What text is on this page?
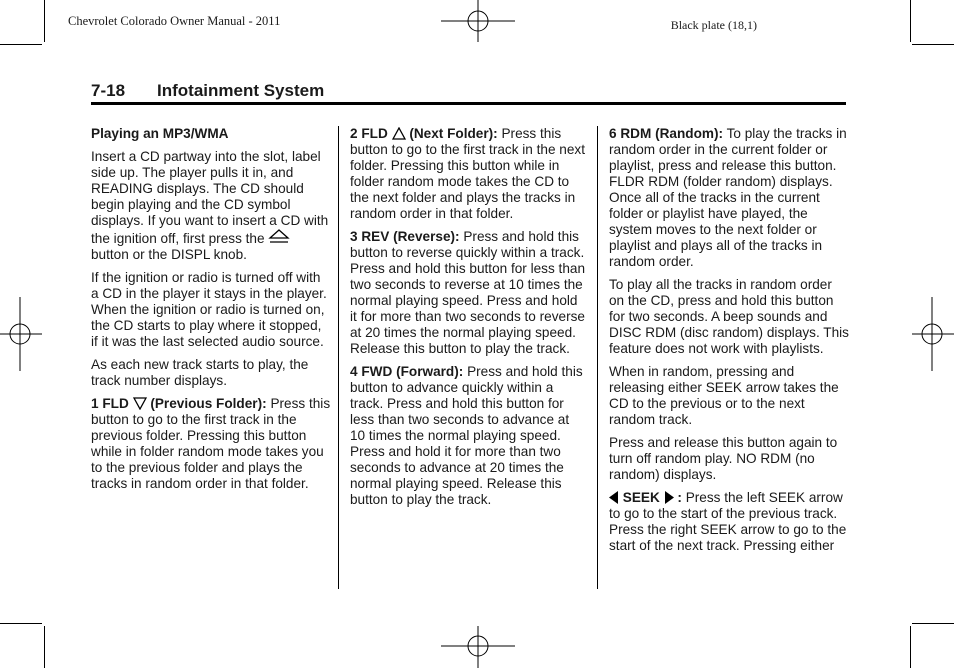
Chevrolet Colorado Owner Manual - 2011	Black plate (18,1)
7-18 Infotainment System

Playing an MP3/WMA

Insert a CD partway into the slot, label side up. The player pulls it in, and READING displays. The CD should begin playing and the CD symbol displays. If you want to insert a CD with the ignition off, first press the  button or the DISPL knob.

If the ignition or radio is turned off with a CD in the player it stays in the player. When the ignition or radio is turned on, the CD starts to play where it stopped, if it was the last selected audio source.

As each new track starts to play, the track number displays.

1 FLD (Previous Folder): Press this button to go to the first track in the previous folder. Pressing this button while in folder random mode takes you to the previous folder and plays the tracks in random order in that folder.

2 FLD (Next Folder): Press this button to go to the first track in the next folder. Pressing this button while in folder random mode takes the CD to the next folder and plays the tracks in random order in that folder.

3 REV (Reverse): Press and hold this button to reverse quickly within a track. Press and hold this button for less than two seconds to reverse at 10 times the normal playing speed. Press and hold it for more than two seconds to reverse at 20 times the normal playing speed. Release this button to play the track.

4 FWD (Forward): Press and hold this button to advance quickly within a track. Press and hold this button for less than two seconds to advance at 10 times the normal playing speed. Press and hold it for more than two seconds to advance at 20 times the normal playing speed. Release this button to play the track.

6 RDM (Random): To play the tracks in random order in the current folder or playlist, press and release this button. FLDR RDM (folder random) displays. Once all of the tracks in the current folder or playlist have played, the system moves to the next folder or playlist and plays all of the tracks in random order.

To play all the tracks in random order on the CD, press and hold this button for two seconds. A beep sounds and DISC RDM (disc random) displays. This feature does not work with playlists.

When in random, pressing and releasing either SEEK arrow takes the CD to the previous or to the next random track.

Press and release this button again to turn off random play. NO RDM (no random) displays.

SEEK : Press the left SEEK arrow to go to the start of the previous track. Press the right SEEK arrow to go to the start of the next track. Pressing either
